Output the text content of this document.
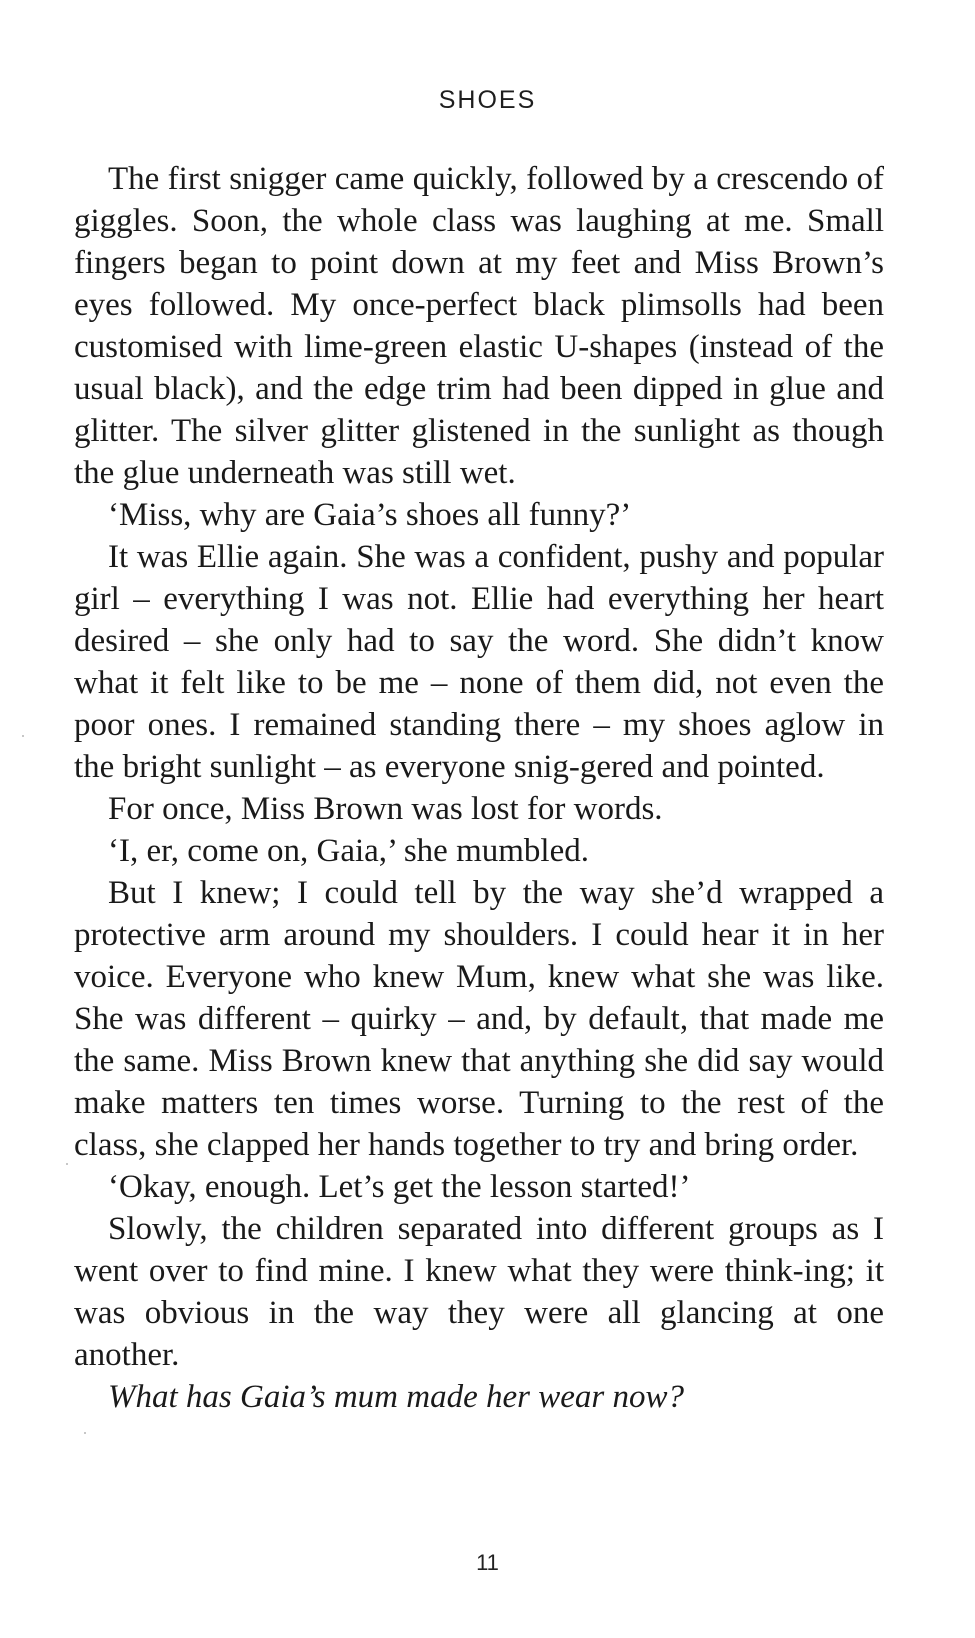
SHOES

The first snigger came quickly, followed by a crescendo of giggles. Soon, the whole class was laughing at me. Small fingers began to point down at my feet and Miss Brown’s eyes followed. My once-perfect black plimsolls had been customised with lime-green elastic U-shapes (instead of the usual black), and the edge trim had been dipped in glue and glitter. The silver glitter glistened in the sunlight as though the glue underneath was still wet.

‘Miss, why are Gaia’s shoes all funny?’

It was Ellie again. She was a confident, pushy and popular girl – everything I was not. Ellie had everything her heart desired – she only had to say the word. She didn’t know what it felt like to be me – none of them did, not even the poor ones. I remained standing there – my shoes aglow in the bright sunlight – as everyone snig-gered and pointed.

For once, Miss Brown was lost for words.

‘I, er, come on, Gaia,’ she mumbled.

But I knew; I could tell by the way she’d wrapped a protective arm around my shoulders. I could hear it in her voice. Everyone who knew Mum, knew what she was like. She was different – quirky – and, by default, that made me the same. Miss Brown knew that anything she did say would make matters ten times worse. Turning to the rest of the class, she clapped her hands together to try and bring order.

‘Okay, enough. Let’s get the lesson started!’

Slowly, the children separated into different groups as I went over to find mine. I knew what they were think-ing; it was obvious in the way they were all glancing at one another.

What has Gaia’s mum made her wear now?

11
